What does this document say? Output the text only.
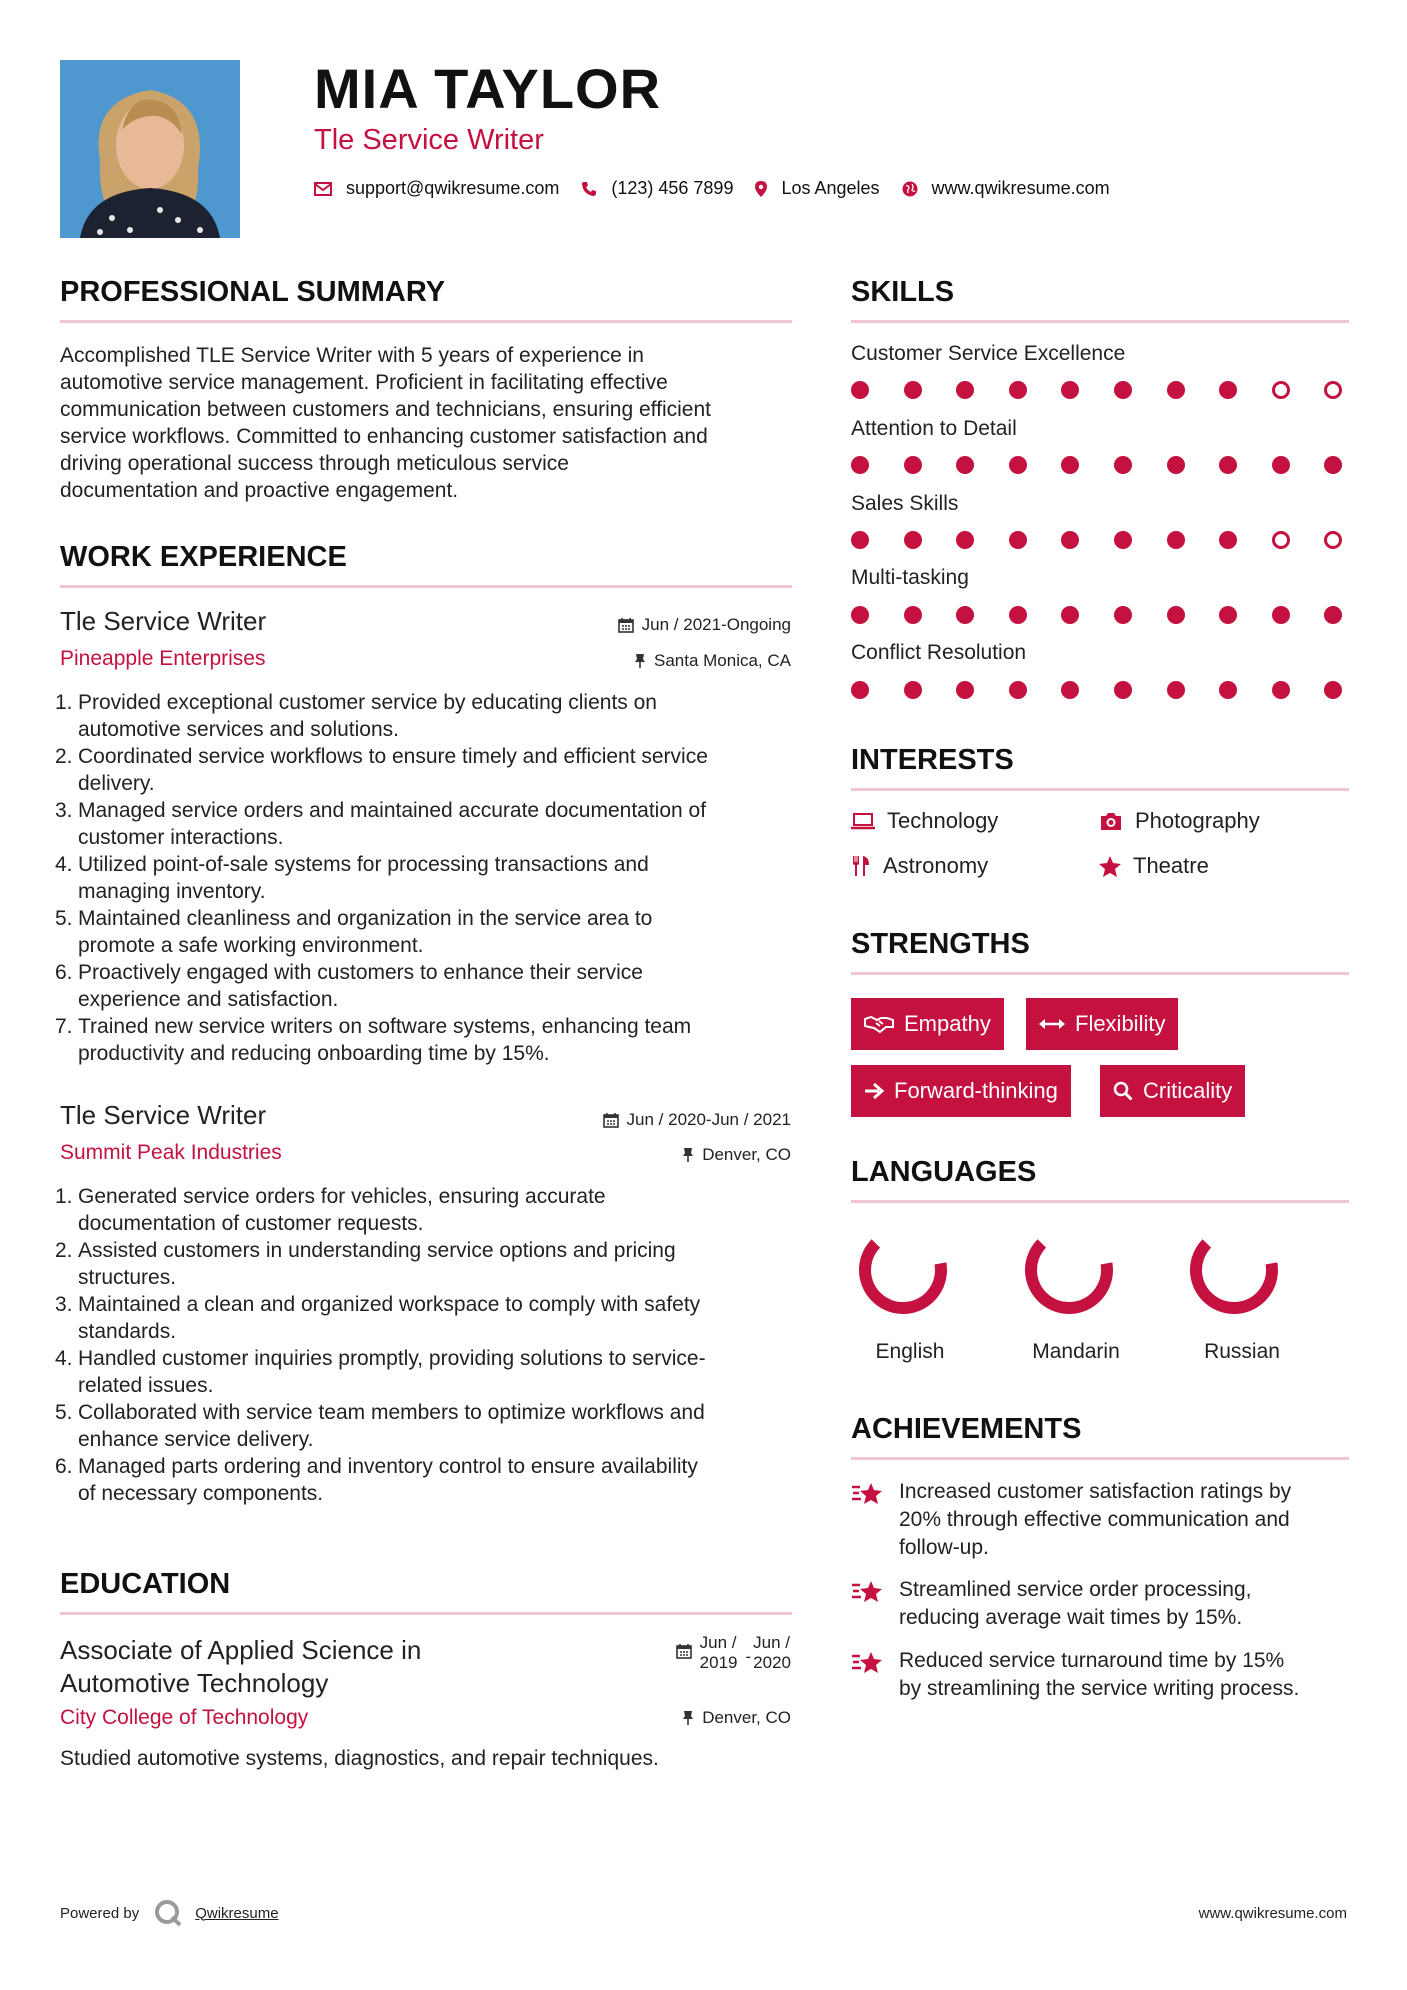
MIA TAYLOR
Tle Service Writer
support@qwikresume.com	(123) 456 7899	Los Angeles	www.qwikresume.com
PROFESSIONAL SUMMARY
Accomplished TLE Service Writer with 5 years of experience in
automotive service management. Proficient in facilitating effective
communication between customers and technicians, ensuring efficient
service workflows. Committed to enhancing customer satisfaction and
driving operational success through meticulous service
documentation and proactive engagement.
WORK EXPERIENCE
Tle Service Writer	Jun / 2021-Ongoing
Pineapple Enterprises	Santa Monica, CA
1. Provided exceptional customer service by educating clients on
automotive services and solutions.
2. Coordinated service workflows to ensure timely and efficient service
delivery.
3. Managed service orders and maintained accurate documentation of
customer interactions.
4. Utilized point-of-sale systems for processing transactions and
managing inventory.
5. Maintained cleanliness and organization in the service area to
promote a safe working environment.
6. Proactively engaged with customers to enhance their service
experience and satisfaction.
7. Trained new service writers on software systems, enhancing team
productivity and reducing onboarding time by 15%.
Tle Service Writer	Jun / 2020-Jun / 2021
Summit Peak Industries	Denver, CO
1. Generated service orders for vehicles, ensuring accurate
documentation of customer requests.
2. Assisted customers in understanding service options and pricing
structures.
3. Maintained a clean and organized workspace to comply with safety
standards.
4. Handled customer inquiries promptly, providing solutions to service-
related issues.
5. Collaborated with service team members to optimize workflows and
enhance service delivery.
6. Managed parts ordering and inventory control to ensure availability
of necessary components.
EDUCATION
Associate of Applied Science in
Automotive Technology
Jun /
2019 -
Jun /
2020
City College of Technology	Denver, CO
Studied automotive systems, diagnostics, and repair techniques.
SKILLS
Customer Service Excellence
Attention to Detail
Sales Skills
Multi-tasking
Conflict Resolution
INTERESTS
Technology	Photography
Astronomy	Theatre
STRENGTHS
Empathy	Flexibility
Forward-thinking	Criticality
LANGUAGES
English	Mandarin	Russian
ACHIEVEMENTS
Increased customer satisfaction ratings by
20% through effective communication and
follow-up.
Streamlined service order processing,
reducing average wait times by 15%.
Reduced service turnaround time by 15%
by streamlining the service writing process.
Powered by	Qwikresume	www.qwikresume.com
